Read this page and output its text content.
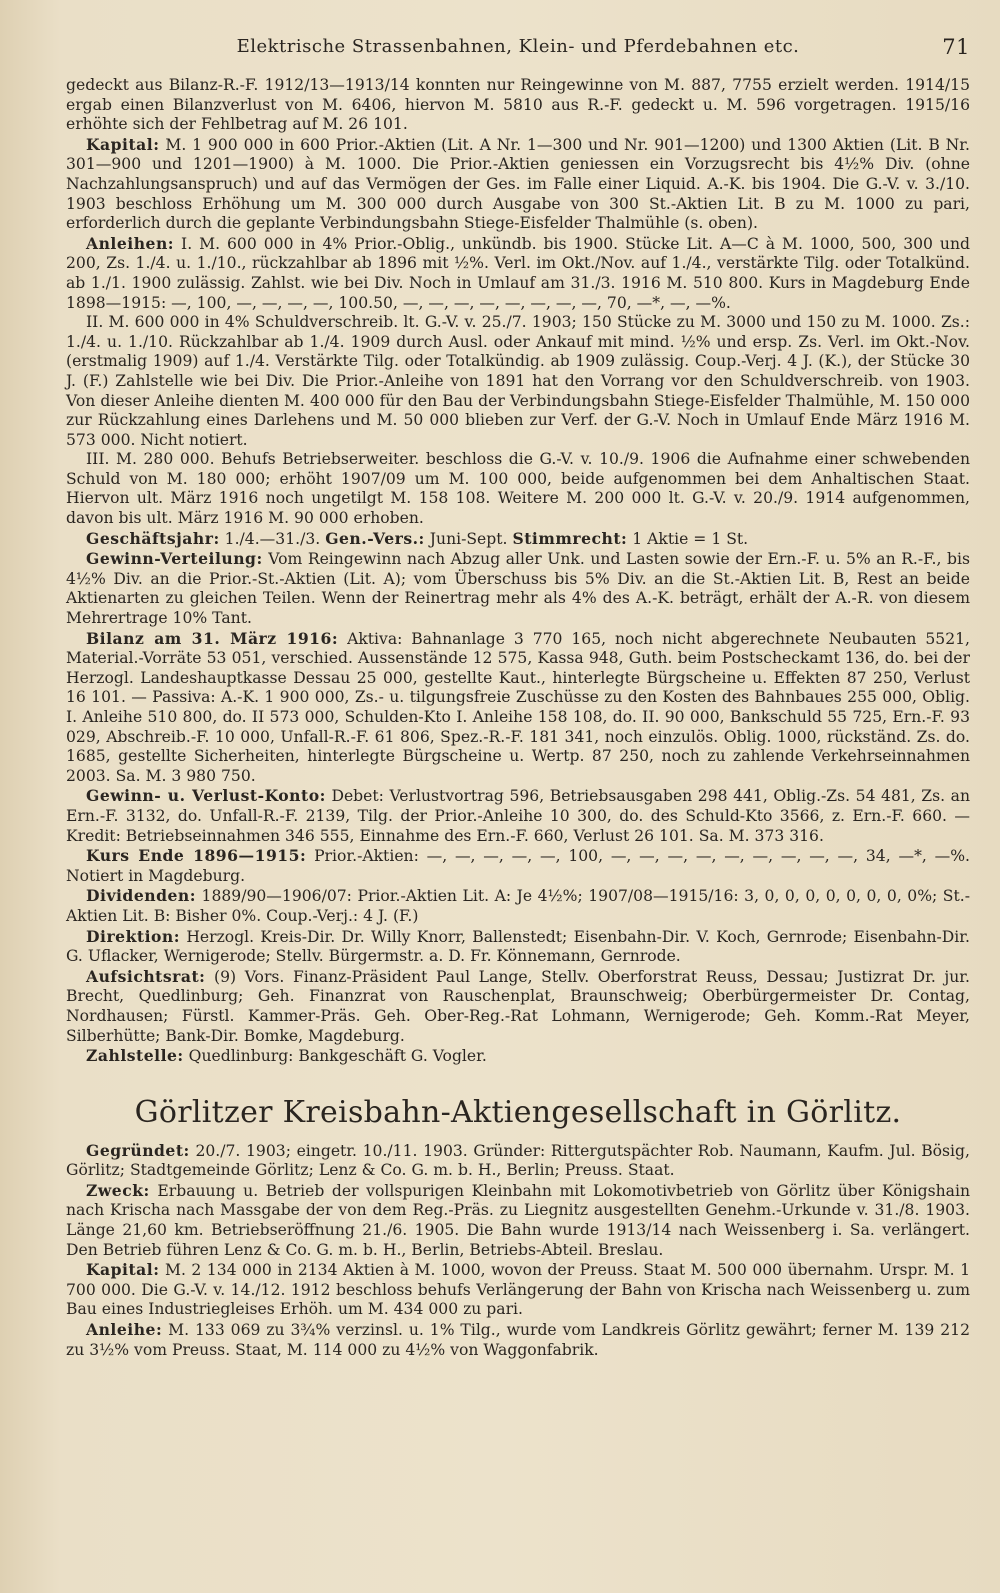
Elektrische Strassenbahnen, Klein- und Pferdebahnen etc.	71

gedeckt aus Bilanz-R.-F. 1912/13—1913/14 konnten nur Reingewinne von M. 887, 7755 erzielt werden. 1914/15 ergab einen Bilanzverlust von M. 6406, hiervon M. 5810 aus R.-F. gedeckt u. M. 596 vorgetragen. 1915/16 erhöhte sich der Fehlbetrag auf M. 26 101.

Kapital: M. 1 900 000 in 600 Prior.-Aktien (Lit. A Nr. 1—300 und Nr. 901—1200) und 1300 Aktien (Lit. B Nr. 301—900 und 1201—1900) à M. 1000. Die Prior.-Aktien geniessen ein Vorzugsrecht bis 4½% Div. (ohne Nachzahlungsanspruch) und auf das Vermögen der Ges. im Falle einer Liquid. A.-K. bis 1904. Die G.-V. v. 3./10. 1903 beschloss Erhöhung um M. 300 000 durch Ausgabe von 300 St.-Aktien Lit. B zu M. 1000 zu pari, erforderlich durch die geplante Verbindungsbahn Stiege-Eisfelder Thalmühle (s. oben).

Anleihen: I. M. 600 000 in 4% Prior.-Oblig., unkündb. bis 1900. Stücke Lit. A—C à M. 1000, 500, 300 und 200, Zs. 1./4. u. 1./10., rückzahlbar ab 1896 mit ½%. Verl. im Okt./Nov. auf 1./4., verstärkte Tilg. oder Totalkünd. ab 1./1. 1900 zulässig. Zahlst. wie bei Div. Noch in Umlauf am 31./3. 1916 M. 510 800. Kurs in Magdeburg Ende 1898—1915: —, 100, —, —, —, —, 100.50, —, —, —, —, —, —, —, —, 70, —*, —, —%.

II. M. 600 000 in 4% Schuldverschreib. lt. G.-V. v. 25./7. 1903; 150 Stücke zu M. 3000 und 150 zu M. 1000. Zs.: 1./4. u. 1./10. Rückzahlbar ab 1./4. 1909 durch Ausl. oder Ankauf mit mind. ½% und ersp. Zs. Verl. im Okt.-Nov. (erstmalig 1909) auf 1./4. Verstärkte Tilg. oder Totalkündig. ab 1909 zulässig. Coup.-Verj. 4 J. (K.), der Stücke 30 J. (F.) Zahlstelle wie bei Div. Die Prior.-Anleihe von 1891 hat den Vorrang vor den Schuldverschreib. von 1903. Von dieser Anleihe dienten M. 400 000 für den Bau der Verbindungsbahn Stiege-Eisfelder Thalmühle, M. 150 000 zur Rückzahlung eines Darlehens und M. 50 000 blieben zur Verf. der G.-V. Noch in Umlauf Ende März 1916 M. 573 000. Nicht notiert.

III. M. 280 000. Behufs Betriebserweiter. beschloss die G.-V. v. 10./9. 1906 die Aufnahme einer schwebenden Schuld von M. 180 000; erhöht 1907/09 um M. 100 000, beide aufgenommen bei dem Anhaltischen Staat. Hiervon ult. März 1916 noch ungetilgt M. 158 108. Weitere M. 200 000 lt. G.-V. v. 20./9. 1914 aufgenommen, davon bis ult. März 1916 M. 90 000 erhoben.

Geschäftsjahr: 1./4.—31./3. Gen.-Vers.: Juni-Sept. Stimmrecht: 1 Aktie = 1 St.

Gewinn-Verteilung: Vom Reingewinn nach Abzug aller Unk. und Lasten sowie der Ern.-F. u. 5% an R.-F., bis 4½% Div. an die Prior.-St.-Aktien (Lit. A); vom Überschuss bis 5% Div. an die St.-Aktien Lit. B, Rest an beide Aktienarten zu gleichen Teilen. Wenn der Reinertrag mehr als 4% des A.-K. beträgt, erhält der A.-R. von diesem Mehrertrage 10% Tant.

Bilanz am 31. März 1916: Aktiva: Bahnanlage 3 770 165, noch nicht abgerechnete Neubauten 5521, Material.-Vorräte 53 051, verschied. Aussenstände 12 575, Kassa 948, Guth. beim Postscheckamt 136, do. bei der Herzogl. Landeshauptkasse Dessau 25 000, gestellte Kaut., hinterlegte Bürgscheine u. Effekten 87 250, Verlust 16 101. — Passiva: A.-K. 1 900 000, Zs.- u. tilgungsfreie Zuschüsse zu den Kosten des Bahnbaues 255 000, Oblig. I. Anleihe 510 800, do. II 573 000, Schulden-Kto I. Anleihe 158 108, do. II. 90 000, Bankschuld 55 725, Ern.-F. 93 029, Abschreib.-F. 10 000, Unfall-R.-F. 61 806, Spez.-R.-F. 181 341, noch einzulös. Oblig. 1000, rückständ. Zs. do. 1685, gestellte Sicherheiten, hinterlegte Bürgscheine u. Wertp. 87 250, noch zu zahlende Verkehrseinnahmen 2003. Sa. M. 3 980 750.

Gewinn- u. Verlust-Konto: Debet: Verlustvortrag 596, Betriebsausgaben 298 441, Oblig.-Zs. 54 481, Zs. an Ern.-F. 3132, do. Unfall-R.-F. 2139, Tilg. der Prior.-Anleihe 10 300, do. des Schuld-Kto 3566, z. Ern.-F. 660. — Kredit: Betriebseinnahmen 346 555, Einnahme des Ern.-F. 660, Verlust 26 101. Sa. M. 373 316.

Kurs Ende 1896—1915: Prior.-Aktien: —, —, —, —, —, 100, —, —, —, —, —, —, —, —, —, 34, —*, —%. Notiert in Magdeburg.

Dividenden: 1889/90—1906/07: Prior.-Aktien Lit. A: Je 4½%; 1907/08—1915/16: 3, 0, 0, 0, 0, 0, 0, 0, 0%; St.-Aktien Lit. B: Bisher 0%. Coup.-Verj.: 4 J. (F.)

Direktion: Herzogl. Kreis-Dir. Dr. Willy Knorr, Ballenstedt; Eisenbahn-Dir. V. Koch, Gernrode; Eisenbahn-Dir. G. Uflacker, Wernigerode; Stellv. Bürgermstr. a. D. Fr. Könnemann, Gernrode.

Aufsichtsrat: (9) Vors. Finanz-Präsident Paul Lange, Stellv. Oberforstrat Reuss, Dessau; Justizrat Dr. jur. Brecht, Quedlinburg; Geh. Finanzrat von Rauschenplat, Braunschweig; Oberbürgermeister Dr. Contag, Nordhausen; Fürstl. Kammer-Präs. Geh. Ober-Reg.-Rat Lohmann, Wernigerode; Geh. Komm.-Rat Meyer, Silberhütte; Bank-Dir. Bomke, Magdeburg.

Zahlstelle: Quedlinburg: Bankgeschäft G. Vogler.

Görlitzer Kreisbahn-Aktiengesellschaft in Görlitz.

Gegründet: 20./7. 1903; eingetr. 10./11. 1903. Gründer: Rittergutspächter Rob. Naumann, Kaufm. Jul. Bösig, Görlitz; Stadtgemeinde Görlitz; Lenz & Co. G. m. b. H., Berlin; Preuss. Staat.

Zweck: Erbauung u. Betrieb der vollspurigen Kleinbahn mit Lokomotivbetrieb von Görlitz über Königshain nach Krischa nach Massgabe der von dem Reg.-Präs. zu Liegnitz ausgestellten Genehm.-Urkunde v. 31./8. 1903. Länge 21,60 km. Betriebseröffnung 21./6. 1905. Die Bahn wurde 1913/14 nach Weissenberg i. Sa. verlängert. Den Betrieb führen Lenz & Co. G. m. b. H., Berlin, Betriebs-Abteil. Breslau.

Kapital: M. 2 134 000 in 2134 Aktien à M. 1000, wovon der Preuss. Staat M. 500 000 übernahm. Urspr. M. 1 700 000. Die G.-V. v. 14./12. 1912 beschloss behufs Verlängerung der Bahn von Krischa nach Weissenberg u. zum Bau eines Industriegleises Erhöh. um M. 434 000 zu pari.

Anleihe: M. 133 069 zu 3¾% verzinsl. u. 1% Tilg., wurde vom Landkreis Görlitz gewährt; ferner M. 139 212 zu 3½% vom Preuss. Staat, M. 114 000 zu 4½% von Waggonfabrik.
